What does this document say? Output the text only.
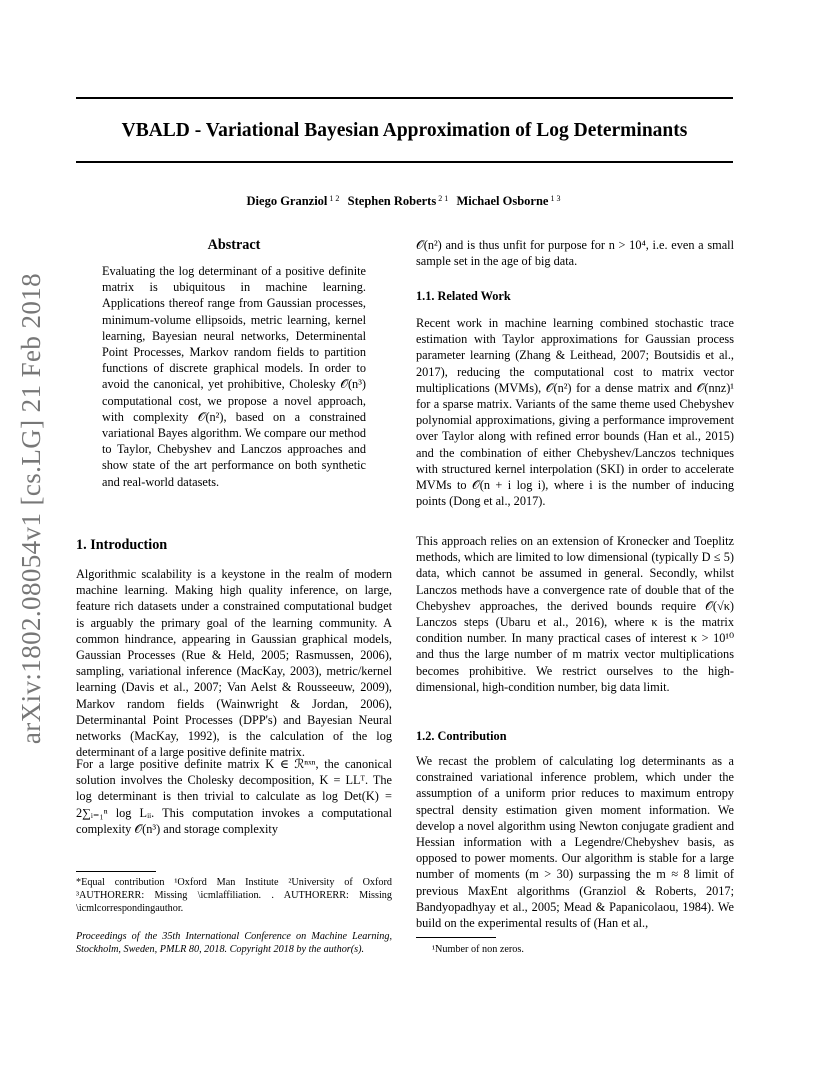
arXiv:1802.08054v1 [cs.LG] 21 Feb 2018
VBALD - Variational Bayesian Approximation of Log Determinants
Diego Granziol $^{1 2}$ Stephen Roberts $^{2 1}$ Michael Osborne $^{1 3}$
Abstract
Evaluating the log determinant of a positive definite matrix is ubiquitous in machine learning. Applications thereof range from Gaussian processes, minimum-volume ellipsoids, metric learning, kernel learning, Bayesian neural networks, Determinental Point Processes, Markov random fields to partition functions of discrete graphical models. In order to avoid the canonical, yet prohibitive, Cholesky 𝒪(n³) computational cost, we propose a novel approach, with complexity 𝒪(n²), based on a constrained variational Bayes algorithm. We compare our method to Taylor, Chebyshev and Lanczos approaches and show state of the art performance on both synthetic and real-world datasets.
1. Introduction
Algorithmic scalability is a keystone in the realm of modern machine learning. Making high quality inference, on large, feature rich datasets under a constrained computational budget is arguably the primary goal of the learning community. A common hindrance, appearing in Gaussian graphical models, Gaussian Processes (Rue & Held, 2005; Rasmussen, 2006), sampling, variational inference (MacKay, 2003), metric/kernel learning (Davis et al., 2007; Van Aelst & Rousseeuw, 2009), Markov random fields (Wainwright & Jordan, 2006), Determinantal Point Processes (DPP's) and Bayesian Neural networks (MacKay, 1992), is the calculation of the log determinant of a large positive definite matrix.
For a large positive definite matrix K ∈ ℛⁿˣⁿ, the canonical solution involves the Cholesky decomposition, K = LLᵀ. The log determinant is then trivial to calculate as log Det(K) = 2∑ᵢ₌₁ⁿ log Lᵢᵢ. This computation invokes a computational complexity 𝒪(n³) and storage complexity
*Equal contribution ¹Oxford Man Institute ²University of Oxford ³AUTHORERR: Missing \icmlaffiliation. . AUTHORERR: Missing \icmlcorrespondingauthor.
Proceedings of the 35th International Conference on Machine Learning, Stockholm, Sweden, PMLR 80, 2018. Copyright 2018 by the author(s).
𝒪(n²) and is thus unfit for purpose for n > 10⁴, i.e. even a small sample set in the age of big data.
1.1. Related Work
Recent work in machine learning combined stochastic trace estimation with Taylor approximations for Gaussian process parameter learning (Zhang & Leithead, 2007; Boutsidis et al., 2017), reducing the computational cost to matrix vector multiplications (MVMs), 𝒪(n²) for a dense matrix and 𝒪(nnz)¹ for a sparse matrix. Variants of the same theme used Chebyshev polynomial approximations, giving a performance improvement over Taylor along with refined error bounds (Han et al., 2015) and the combination of either Chebyshev/Lanczos techniques with structured kernel interpolation (SKI) in order to accelerate MVMs to 𝒪(n + i log i), where i is the number of inducing points (Dong et al., 2017).
This approach relies on an extension of Kronecker and Toeplitz methods, which are limited to low dimensional (typically D ≤ 5) data, which cannot be assumed in general. Secondly, whilst Lanczos methods have a convergence rate of double that of the Chebyshev approaches, the derived bounds require 𝒪(√κ) Lanczos steps (Ubaru et al., 2016), where κ is the matrix condition number. In many practical cases of interest κ > 10¹⁰ and thus the large number of m matrix vector multiplications becomes prohibitive. We restrict ourselves to the high-dimensional, high-condition number, big data limit.
1.2. Contribution
We recast the problem of calculating log determinants as a constrained variational inference problem, which under the assumption of a uniform prior reduces to maximum entropy spectral density estimation given moment information. We develop a novel algorithm using Newton conjugate gradient and Hessian information with a Legendre/Chebyshev basis, as opposed to power moments. Our algorithm is stable for a large number of moments (m > 30) surpassing the m ≈ 8 limit of previous MaxEnt algorithms (Granziol & Roberts, 2017; Bandyopadhyay et al., 2005; Mead & Papanicolaou, 1984). We build on the experimental results of (Han et al.,
¹Number of non zeros.
